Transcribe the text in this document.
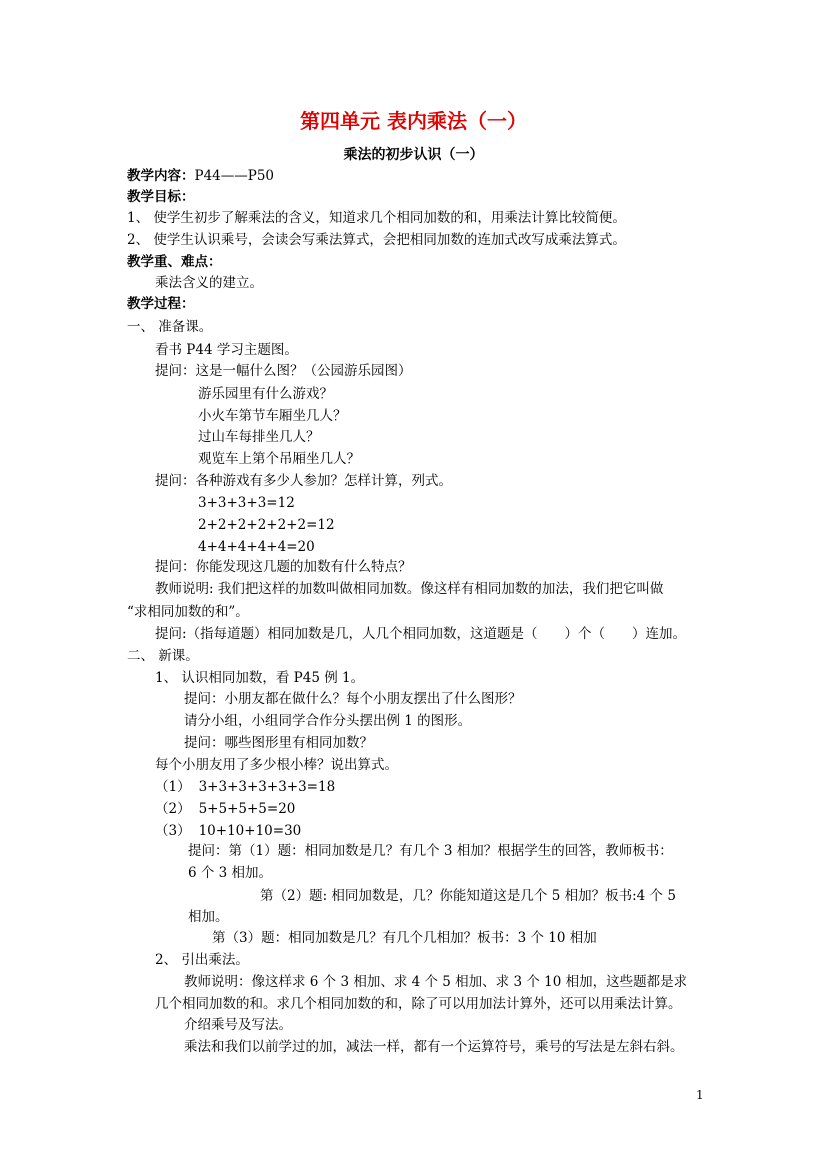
第四单元 表内乘法（一）
乘法的初步认识（一）
教学内容：P44——P50
教学目标：
1、 使学生初步了解乘法的含义，知道求几个相同加数的和，用乘法计算比较简便。
2、 使学生认识乘号，会读会写乘法算式，会把相同加数的连加式改写成乘法算式。
教学重、难点：
乘法含义的建立。
教学过程：
一、 准备课。
看书 P44 学习主题图。
提问：这是一幅什么图？（公园游乐园图）
游乐园里有什么游戏？
小火车第节车厢坐几人？
过山车每排坐几人？
观览车上第个吊厢坐几人？
提问：各种游戏有多少人参加？怎样计算，列式。
3+3+3+3=12
2+2+2+2+2+2=12
4+4+4+4+4=20
提问：你能发现这几题的加数有什么特点？
教师说明: 我们把这样的加数叫做相同加数。像这样有相同加数的加法，我们把它叫做
“求相同加数的和”。
提问:（指每道题）相同加数是几，人几个相同加数，这道题是（　　）个（　　）连加。
二、 新课。
1、 认识相同加数，看 P45 例 1。
提问：小朋友都在做什么？每个小朋友摆出了什么图形？
请分小组，小组同学合作分头摆出例 1 的图形。
提问：哪些图形里有相同加数？
每个小朋友用了多少根小棒？说出算式。
（1） 3+3+3+3+3+3=18
（2） 5+5+5+5=20
（3） 10+10+10=30
提问：第（1）题：相同加数是几？有几个 3 相加？根据学生的回答，教师板书：
6 个 3 相加。
第（2）题: 相同加数是，几？你能知道这是几个 5 相加？板书:4 个 5
相加。
第（3）题：相同加数是几？有几个几相加？板书：3 个 10 相加
2、 引出乘法。
教师说明：像这样求 6 个 3 相加、求 4 个 5 相加、求 3 个 10 相加，这些题都是求
几个相同加数的和。求几个相同加数的和，除了可以用加法计算外，还可以用乘法计算。
介绍乘号及写法。
乘法和我们以前学过的加，减法一样，都有一个运算符号，乘号的写法是左斜右斜。
1
